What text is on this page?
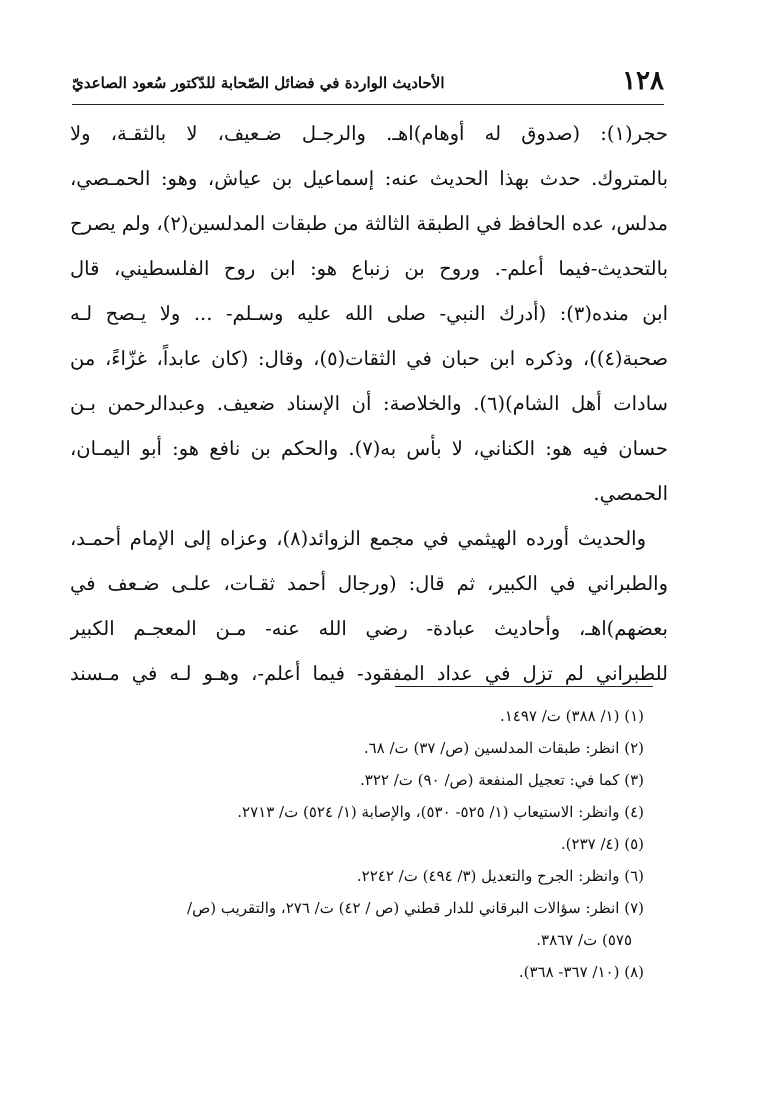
١٢٨
الأحاديث الواردة في فضائل الصّحابة للدّكتور سُعود الصاعديّ
حجر(١): (صدوق له أوهام)اهـ. والرجـل ضـعيف، لا بالثقـة، ولا
بالمتروك. حدث بهذا الحديث عنه: إسماعيل بن عياش، وهو: الحمـصي،
مدلس، عده الحافظ في الطبقة الثالثة من طبقات المدلسين(٢)، ولم يصرح
بالتحديث-فيما أعلم-. وروح بن زنباع هو: ابن روح الفلسطيني، قال
ابن منده(٣): (أدرك النبي- صلى الله عليه وسـلم- ... ولا يـصح لـه
صحبة(٤))، وذكره ابن حبان في الثقات(٥)، وقال: (كان عابداً، غزّاءً، من
سادات أهل الشام)(٦). والخلاصة: أن الإسناد ضعيف. وعبدالرحمن بـن
حسان فيه هو: الكناني، لا بأس به(٧). والحكم بن نافع هو: أبو اليمـان،
الحمصي.
والحديث أورده الهيثمي في مجمع الزوائد(٨)، وعزاه إلى الإمام أحمـد،
والطبراني في الكبير، ثم قال: (ورجال أحمد ثقـات، علـى ضـعف في
بعضهم)اهـ، وأحاديث عبادة- رضي الله عنه- مـن المعجـم الكبير
للطبراني لم تزل في عداد المفقود- فيما أعلم-، وهـو لـه في مـسند
(١) (١/ ٣٨٨) ت/ ١٤٩٧.
(٢) انظر: طبقات المدلسين (ص/ ٣٧) ت/ ٦٨.
(٣) كما في: تعجيل المنفعة (ص/ ٩٠) ت/ ٣٢٢.
(٤) وانظر: الاستيعاب (١/ ٥٢٥- ٥٣٠)، والإصابة (١/ ٥٢٤) ت/ ٢٧١٣.
(٥) (٤/ ٢٣٧).
(٦) وانظر: الجرح والتعديل (٣/ ٤٩٤) ت/ ٢٢٤٢.
(٧) انظر: سؤالات البرقاني للدار قطني (ص / ٤٢) ت/ ٢٧٦، والتقريب (ص/
٥٧٥) ت/ ٣٨٦٧.
(٨) (١٠/ ٣٦٧- ٣٦٨).
